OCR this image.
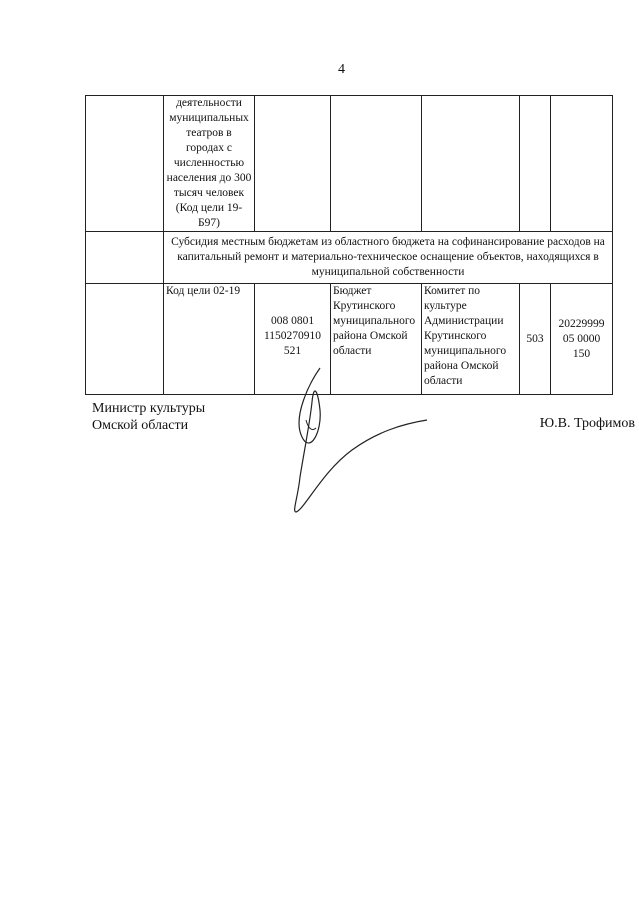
4
	деятельности муниципальных театров в городах с численностью населения до 300 тысяч человек (Код цели 19-Б97)					
	Субсидия местным бюджетам из областного бюджета на софинансирование расходов на капитальный ремонт и материально-техническое оснащение объектов, находящихся в муниципальной собственности					
	Код цели 02-19	008 0801 1150270910 521	Бюджет Крутинского муниципального района Омской области	Комитет по культуре Администрации Крутинского муниципального района Омской области	503	20229999 05 0000 150
Министр культуры Омской области	Ю.В. Трофимов
